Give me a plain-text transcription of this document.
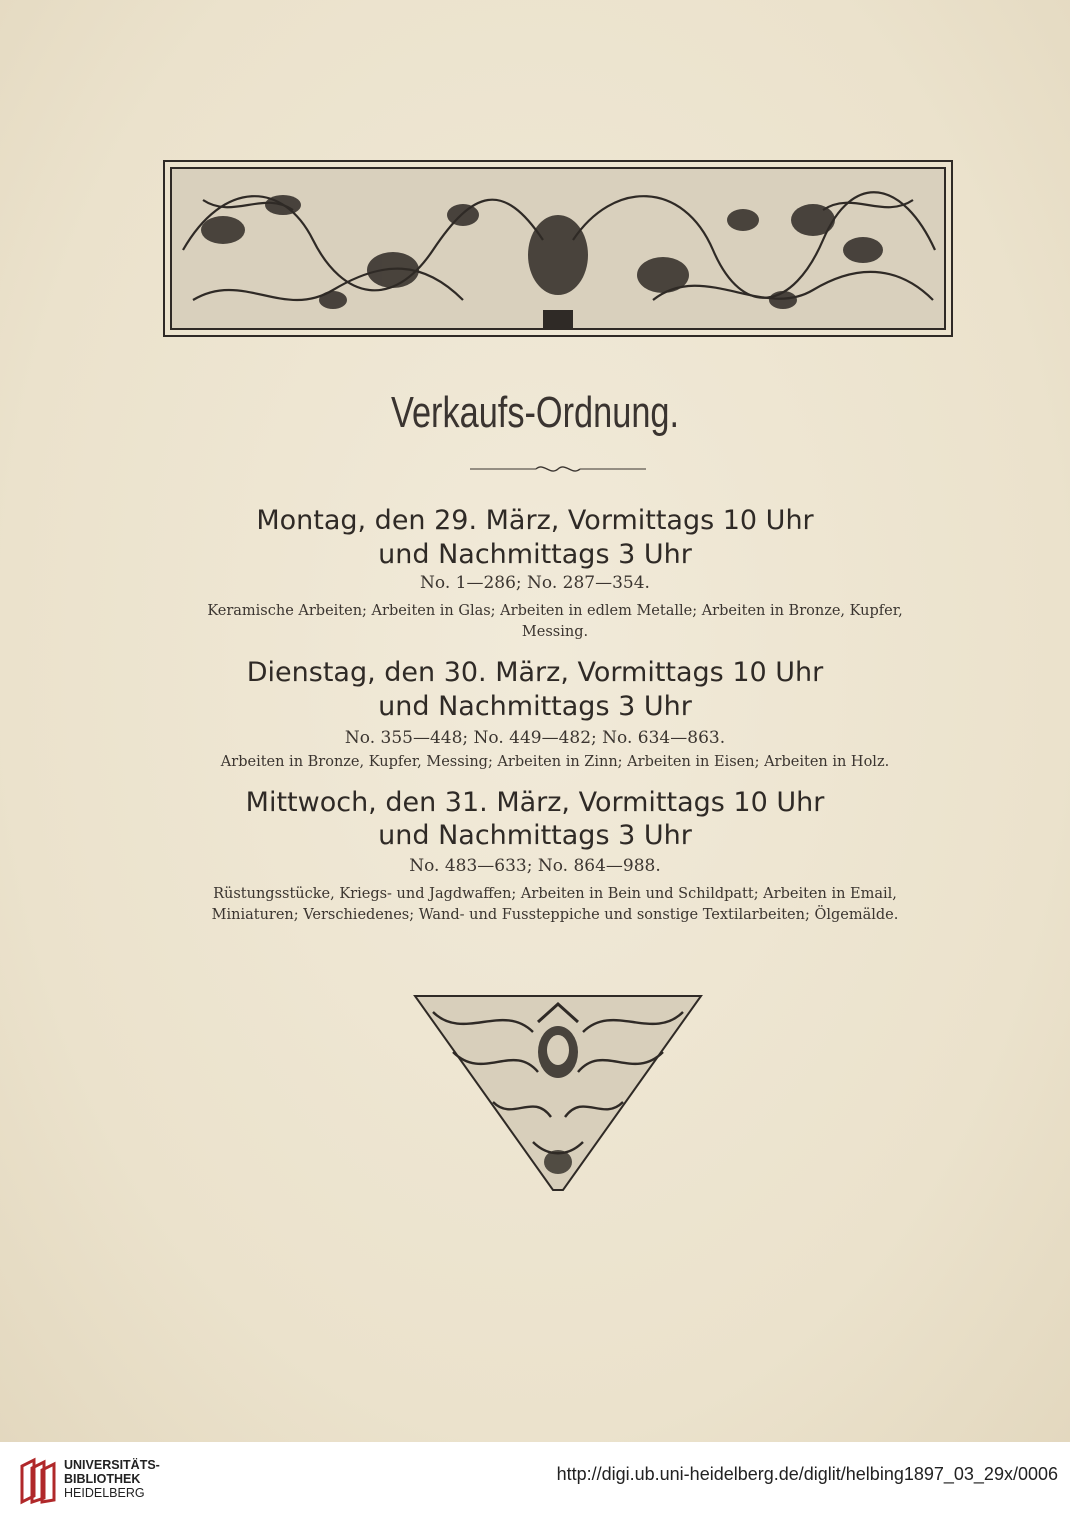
Verkaufs-Ordnung.
Montag, den 29. März, Vormittags 10 Uhr
und Nachmittags 3 Uhr
No. 1—286; No. 287—354.
Keramische Arbeiten; Arbeiten in Glas; Arbeiten in edlem Metalle; Arbeiten in Bronze, Kupfer, Messing.
Dienstag, den 30. März, Vormittags 10 Uhr
und Nachmittags 3 Uhr
No. 355—448; No. 449—482; No. 634—863.
Arbeiten in Bronze, Kupfer, Messing; Arbeiten in Zinn; Arbeiten in Eisen; Arbeiten in Holz.
Mittwoch, den 31. März, Vormittags 10 Uhr
und Nachmittags 3 Uhr
No. 483—633; No. 864—988.
Rüstungsstücke, Kriegs- und Jagdwaffen; Arbeiten in Bein und Schildpatt; Arbeiten in Email, Miniaturen; Verschiedenes; Wand- und Fussteppiche und sonstige Textilarbeiten; Ölgemälde.
UNIVERSITÄTS-
BIBLIOTHEK
HEIDELBERG
http://digi.ub.uni-heidelberg.de/diglit/helbing1897_03_29x/0006
